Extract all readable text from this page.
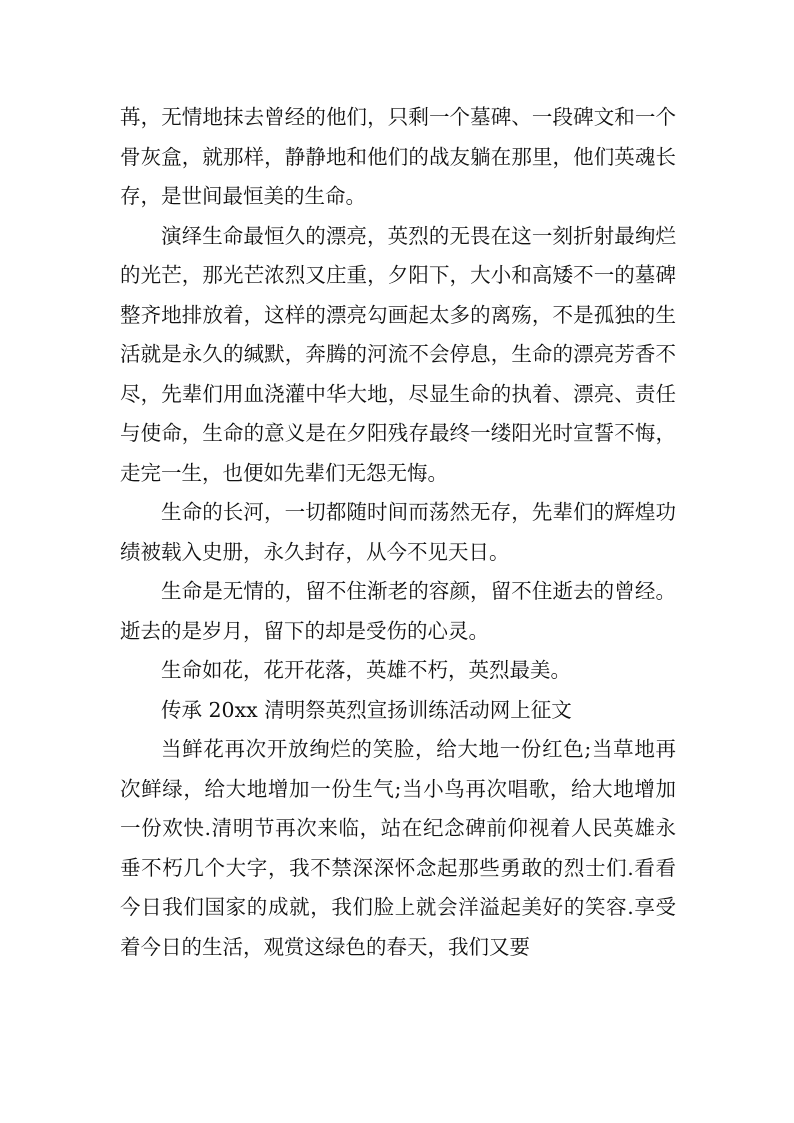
苒，无情地抹去曾经的他们，只剩一个墓碑、一段碑文和一个骨灰盒，就那样，静静地和他们的战友躺在那里，他们英魂长存，是世间最恒美的生命。

演绎生命最恒久的漂亮，英烈的无畏在这一刻折射最绚烂的光芒，那光芒浓烈又庄重，夕阳下，大小和高矮不一的墓碑整齐地排放着，这样的漂亮勾画起太多的离殇，不是孤独的生活就是永久的缄默，奔腾的河流不会停息，生命的漂亮芳香不尽，先辈们用血浇灌中华大地，尽显生命的执着、漂亮、责任与使命，生命的意义是在夕阳残存最终一缕阳光时宣誓不悔，走完一生，也便如先辈们无怨无悔。

生命的长河，一切都随时间而荡然无存，先辈们的辉煌功绩被载入史册，永久封存，从今不见天日。

生命是无情的，留不住渐老的容颜，留不住逝去的曾经。逝去的是岁月，留下的却是受伤的心灵。

生命如花，花开花落，英雄不朽，英烈最美。

传承 20xx 清明祭英烈宣扬训练活动网上征文

当鲜花再次开放绚烂的笑脸，给大地一份红色;当草地再次鲜绿，给大地增加一份生气;当小鸟再次唱歌，给大地增加一份欢快.清明节再次来临，站在纪念碑前仰视着人民英雄永垂不朽几个大字，我不禁深深怀念起那些勇敢的烈士们.看看今日我们国家的成就，我们脸上就会洋溢起美好的笑容.享受着今日的生活，观赏这绿色的春天，我们又要
